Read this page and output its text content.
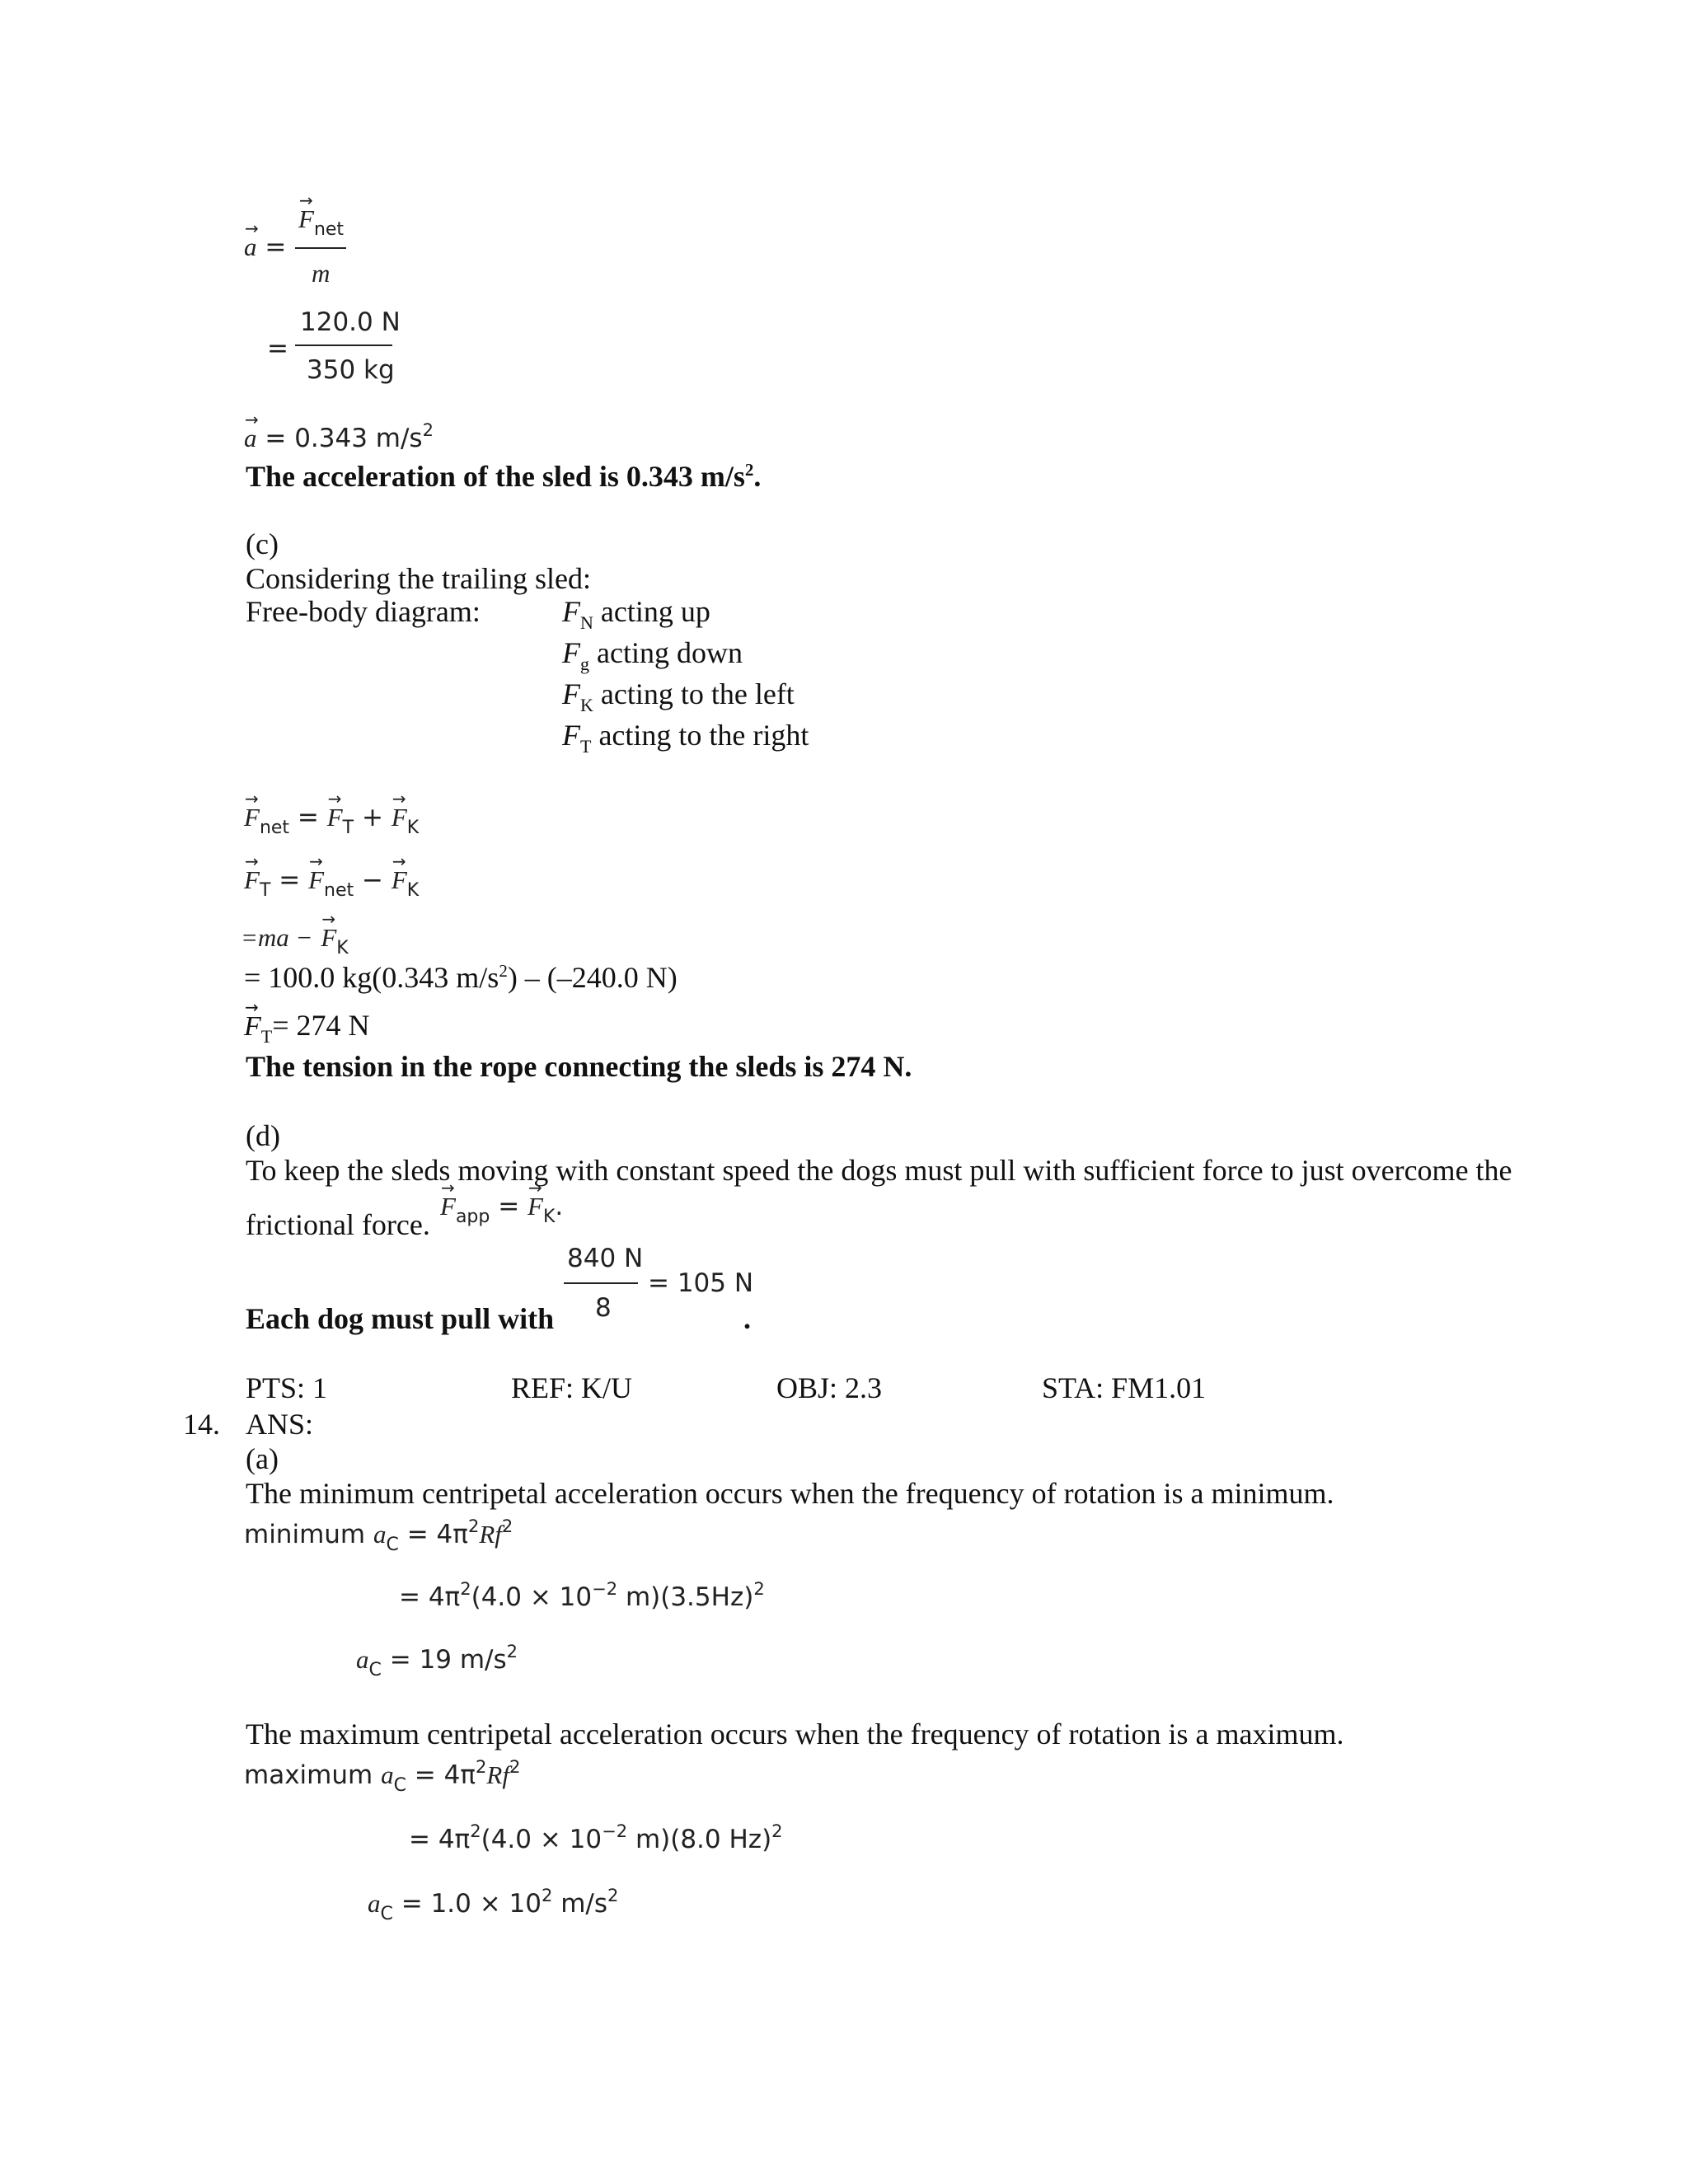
→ a =
→ $F_{net}$
m
120.0 N
=
350 kg
→ a = 0.343 $m/s^2$
The acceleration of the sled is 0.343 $m/s^2$.
(c)
Considering the trailing sled:
Free-body diagram:	$F_N$ acting up
$F_g$ acting down
$F_K$ acting to the left
$F_T$ acting to the right
→ $F_{net}$ = → $F_T$ + → $F_K$
→ $F_T$ = → $F_{net}$ − → $F_K$
=ma − → $F_K$
= 100.0 kg(0.343 $m/s^2) - (-240.0$ N)
→ $F_T= 274$ N
The tension in the rope connecting the sleds is 274 N.
(d)
To keep the sleds moving with constant speed the dogs must pull with sufficient force to just overcome the
frictional force.
→ $F_{app}$ = → $F_K$.
840 N
8
= 105 N
Each dog must pull with	.
PTS: 1	REF: K/U	OBJ: 2.3	STA: FM1.01
14. ANS:
(a)
The minimum centripetal acceleration occurs when the frequency of rotation is a minimum.
minimum $a_C = 4\pi^2Rf^2$
= $4\pi^2(4.0 \times 10^{-2}$ $m)(3.5Hz)^2$
$a_C = 19$ $m/s^2$
The maximum centripetal acceleration occurs when the frequency of rotation is a maximum.
maximum $a_C = 4\pi^2Rf^2$
= $4\pi^2(4.0 \times 10^{-2}$ m)(8.0 Hz)$^2$
$a_C = 1.0 \times 10^2$ $m/s^2$
